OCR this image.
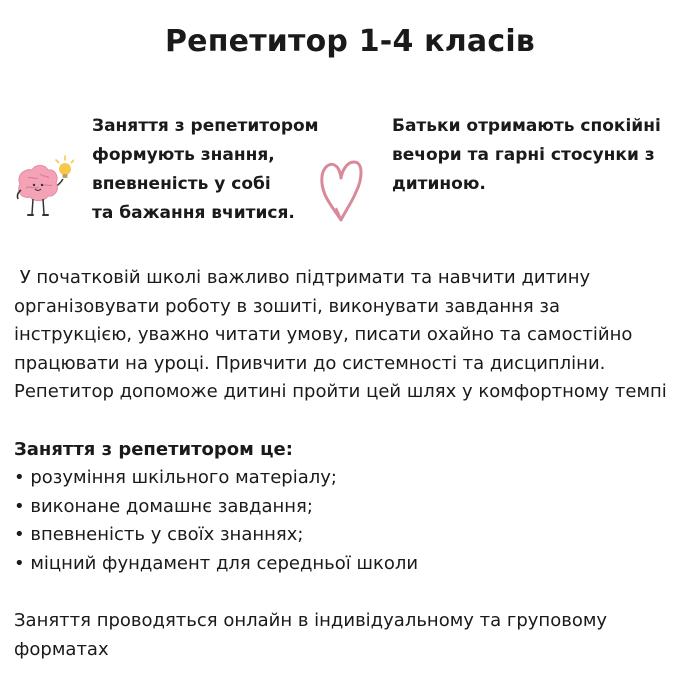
Репетитор 1-4 класів
Заняття з репетитором
формують знання,
впевненість у собі
та бажання вчитися.
Батьки отримають спокійні
вечори та гарні стосунки з
дитиною.
У початковій школі важливо підтримати та навчити дитину
організовувати роботу в зошиті, виконувати завдання за
інструкцією, уважно читати умову, писати охайно та самостійно
працювати на уроці. Привчити до системності та дисципліни.
Репетитор допоможе дитині пройти цей шлях у комфортному темпі
Заняття з репетитором це:
• розуміння шкільного матеріалу;
• виконане домашнє завдання;
• впевненість у своїх знаннях;
• міцний фундамент для середньої школи
Заняття проводяться онлайн в індивідуальному та груповому
форматах
